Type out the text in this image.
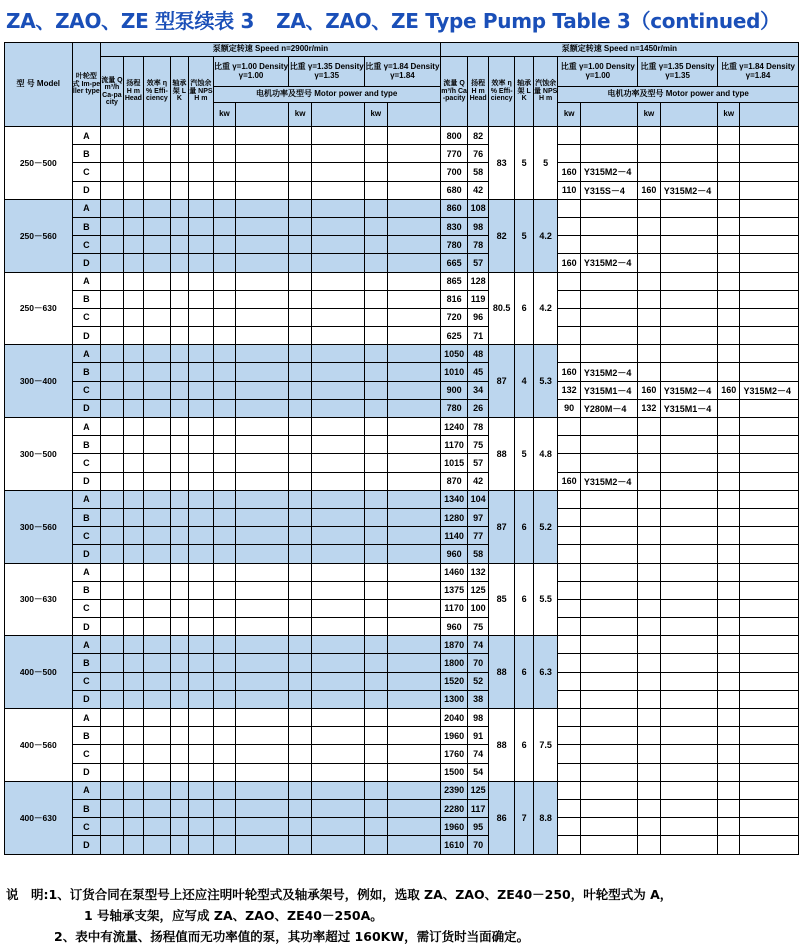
ZA、ZAO、ZE 型泵续表 3 ZA、ZAO、ZE Type Pump Table 3（continued）
型 号 Model	叶轮型式 Im-peller type	泵额定转速 Speed n=2900r/min											泵额定转速 Speed n=1450r/min										
		流量 Q m³/h Ca-pacity	扬程 H m Head	效率 η % Effi-ciency	轴承架 LK	汽蚀余量 NPSH m	比重 γ=1.00 Density γ=1.00		比重 γ=1.35 Density γ=1.35		比重 γ=1.84 Density γ=1.84		流量 Q m³/h Ca-pacity	扬程 H m Head	效率 η % Effi-ciency	轴承架 LK	汽蚀余量 NPSH m	比重 γ=1.00 Density γ=1.00		比重 γ=1.35 Density γ=1.35		比重 γ=1.84 Density γ=1.84	
							电机功率及型号 Motor power and type											电机功率及型号 Motor power and type					
							kw		kw		kw							kw		kw		kw	
250－500	A												800	82	83	5	5						
	B												770	76									
	C												700	58				160	Y315M2－4				
	D												680	42				110	Y315S－4	160	Y315M2－4		
250－560	A												860	108	82	5	4.2						
	B												830	98									
	C												780	78									
	D												665	57				160	Y315M2－4				
250－630	A												865	128	80.5	6	4.2						
	B												816	119									
	C												720	96									
	D												625	71									
300－400	A												1050	48	87	4	5.3						
	B												1010	45				160	Y315M2－4				
	C												900	34				132	Y315M1－4	160	Y315M2－4	160	Y315M2－4
	D												780	26				90	Y280M－4	132	Y315M1－4		
300－500	A												1240	78	88	5	4.8						
	B												1170	75									
	C												1015	57									
	D												870	42				160	Y315M2－4				
300－560	A												1340	104	87	6	5.2						
	B												1280	97									
	C												1140	77									
	D												960	58									
300－630	A												1460	132	85	6	5.5						
	B												1375	125									
	C												1170	100									
	D												960	75									
400－500	A												1870	74	88	6	6.3						
	B												1800	70									
	C												1520	52									
	D												1300	38									
400－560	A												2040	98	88	6	7.5						
	B												1960	91									
	C												1760	74									
	D												1500	54									
400－630	A												2390	125	86	7	8.8						
	B												2280	117									
	C												1960	95									
	D												1610	70									
说　明:1、订货合同在泵型号上还应注明叶轮型式及轴承架号，例如，选取 ZA、ZAO、ZE40－250，叶轮型式为 A，
1 号轴承支架，应写成 ZA、ZAO、ZE40－250A。
2、表中有流量、扬程值而无功率值的泵，其功率超过 160KW，需订货时当面确定。
